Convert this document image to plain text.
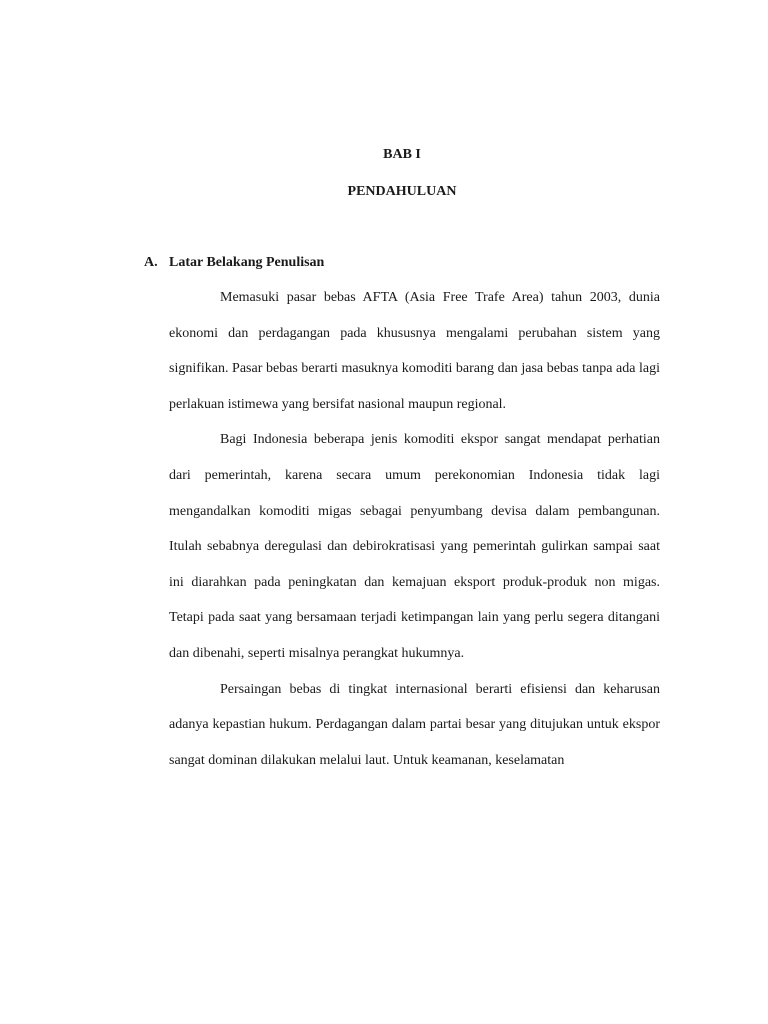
BAB I
PENDAHULUAN
A. Latar Belakang Penulisan

Memasuki pasar bebas AFTA (Asia Free Trafe Area) tahun 2003, dunia ekonomi dan perdagangan pada khususnya mengalami perubahan sistem yang signifikan. Pasar bebas berarti masuknya komoditi barang dan jasa bebas tanpa ada lagi perlakuan istimewa yang bersifat nasional maupun regional.

Bagi Indonesia beberapa jenis komoditi ekspor sangat mendapat perhatian dari pemerintah, karena secara umum perekonomian Indonesia tidak lagi mengandalkan komoditi migas sebagai penyumbang devisa dalam pembangunan. Itulah sebabnya deregulasi dan debirokratisasi yang pemerintah gulirkan sampai saat ini diarahkan pada peningkatan dan kemajuan eksport produk-produk non migas. Tetapi pada saat yang bersamaan terjadi ketimpangan lain yang perlu segera ditangani dan dibenahi, seperti misalnya perangkat hukumnya.

Persaingan bebas di tingkat internasional berarti efisiensi dan keharusan adanya kepastian hukum. Perdagangan dalam partai besar yang ditujukan untuk ekspor sangat dominan dilakukan melalui laut. Untuk keamanan, keselamatan
